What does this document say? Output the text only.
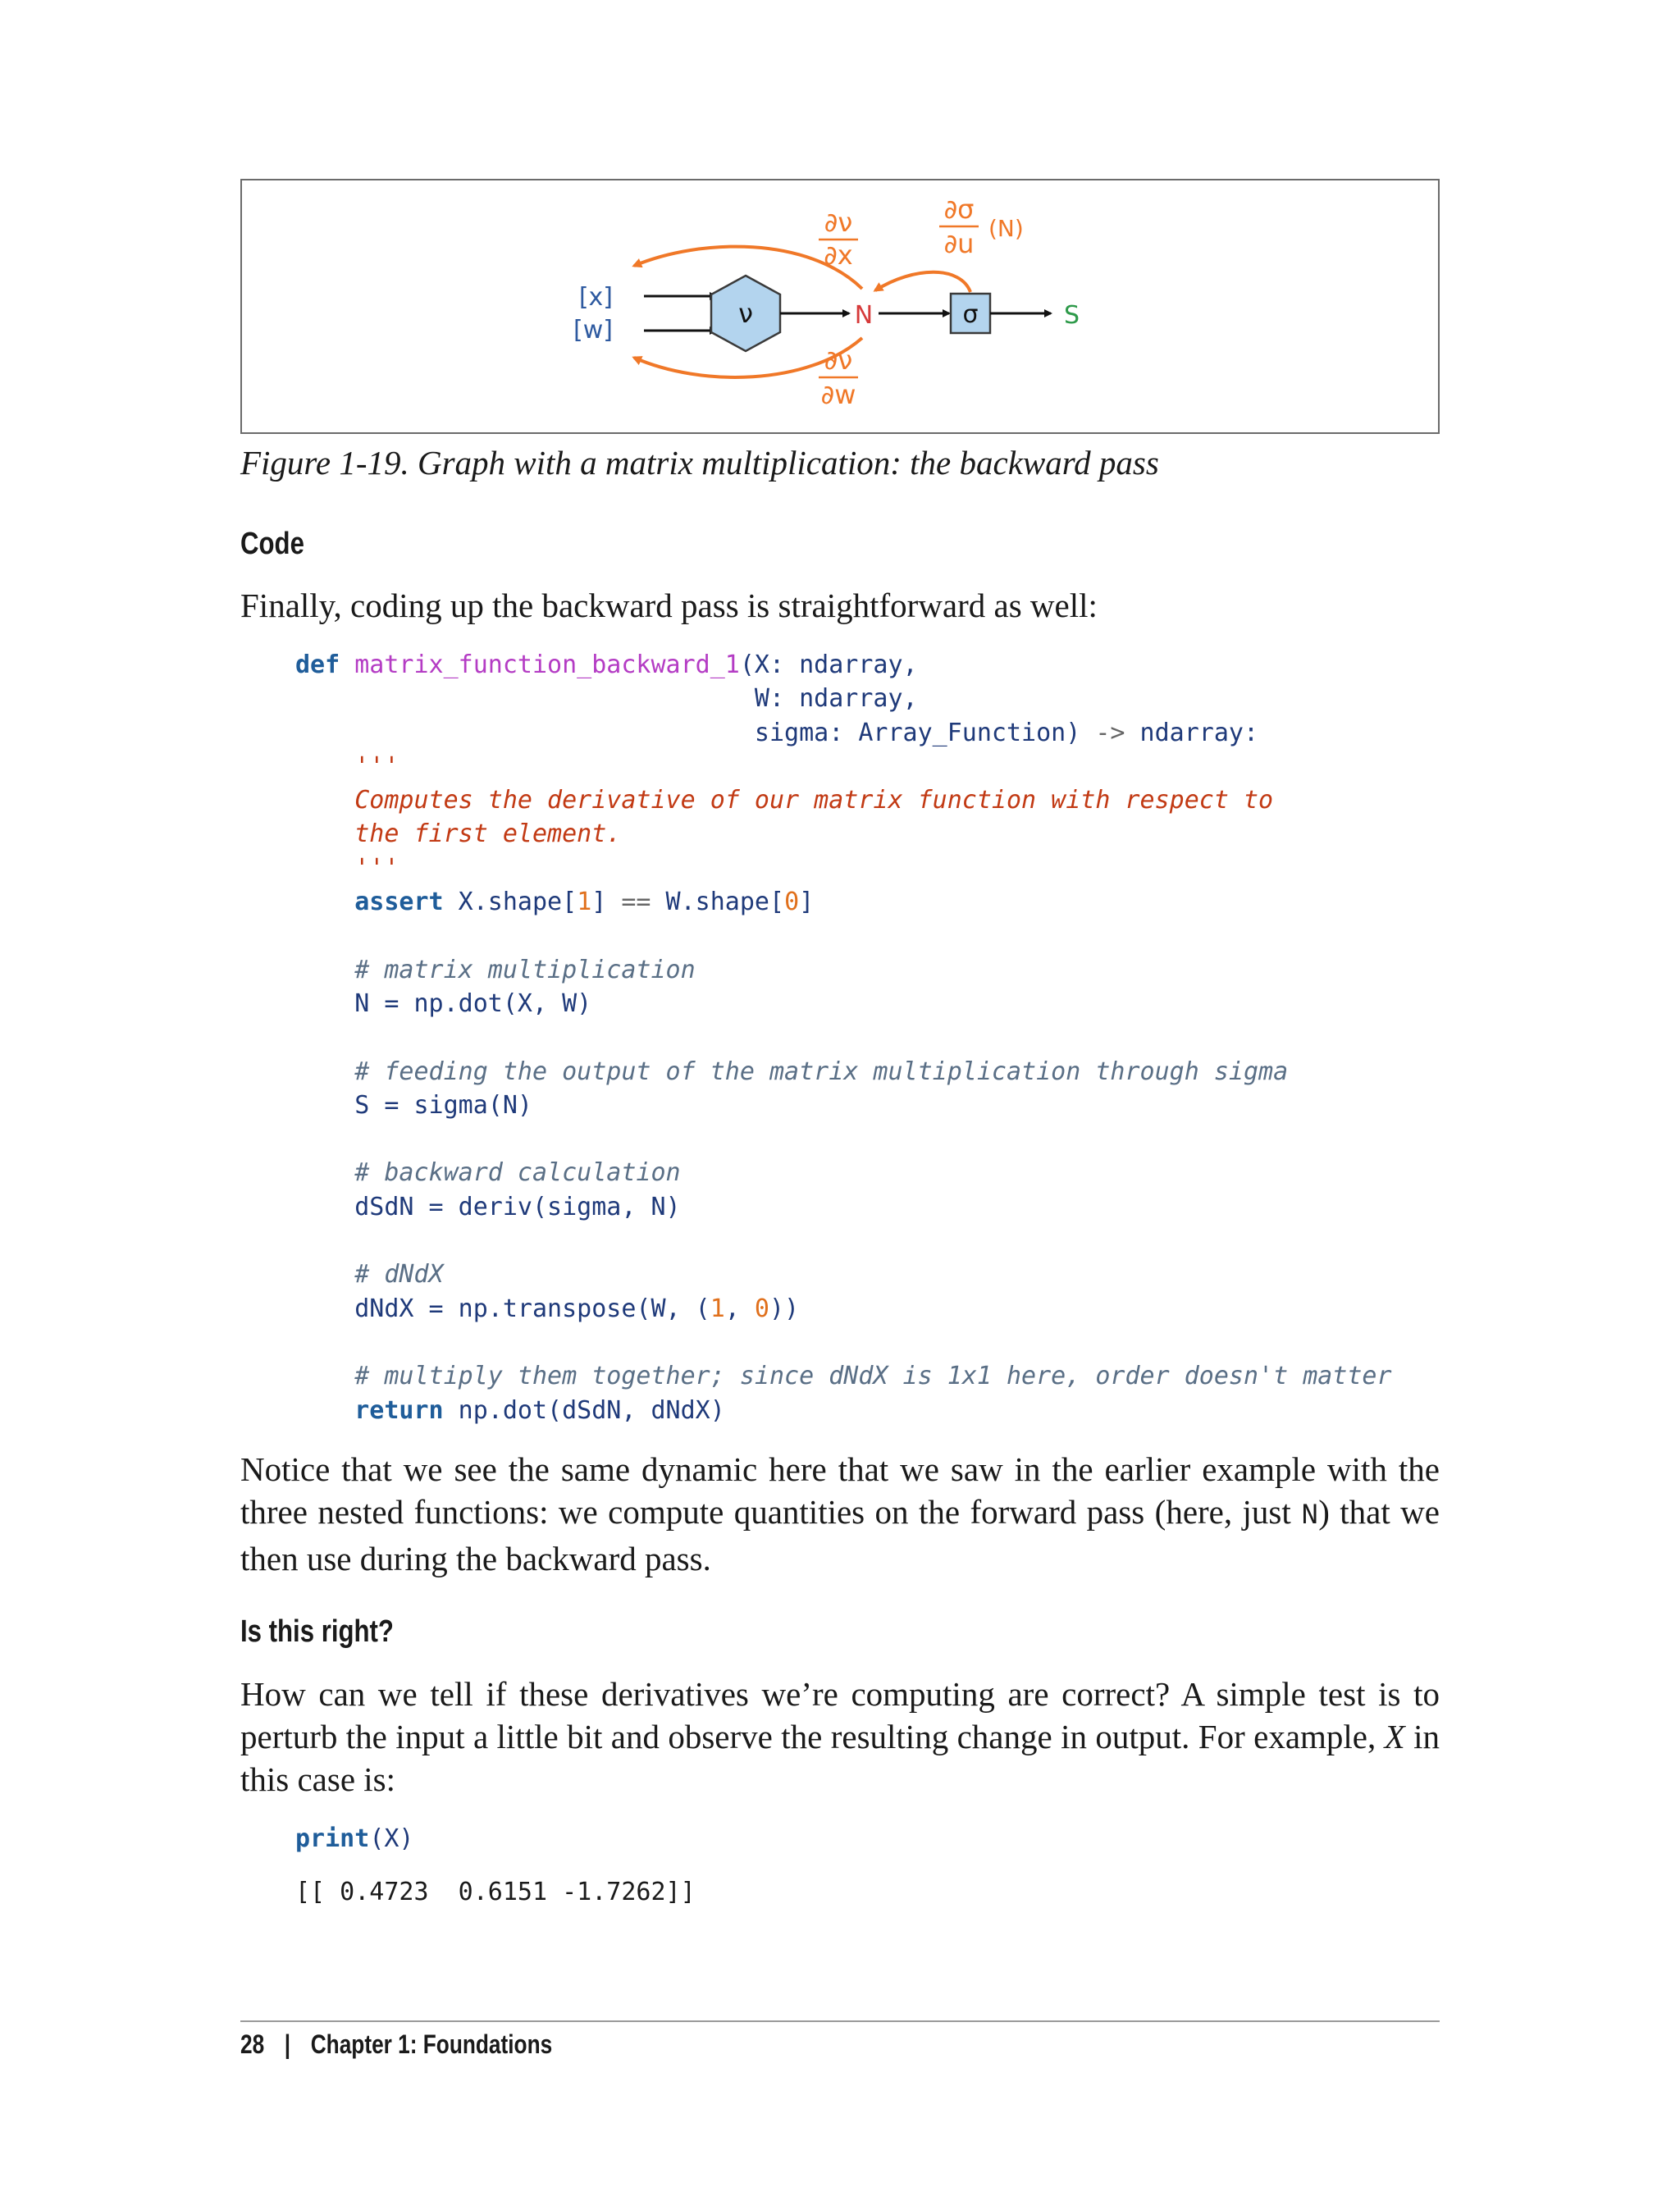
[x]
[w]
ν	N	σ	S
∂ν
∂x
∂ν
∂w
∂σ
∂u (N)
Figure 1-19. Graph with a matrix multiplication: the backward pass
Code
Finally, coding up the backward pass is straightforward as well:
def matrix_function_backward_1(X: ndarray,
W: ndarray,
sigma: Array_Function) -> ndarray:
'''
Computes the derivative of our matrix function with respect to
the first element.
'''
assert X.shape[1] == W.shape[0]

# matrix multiplication
N = np.dot(X, W)

# feeding the output of the matrix multiplication through sigma
S = sigma(N)

# backward calculation
dSdN = deriv(sigma, N)

# dNdX
dNdX = np.transpose(W, (1, 0))

# multiply them together; since dNdX is 1x1 here, order doesn't matter
return np.dot(dSdN, dNdX)
Notice that we see the same dynamic here that we saw in the earlier example with the three nested functions: we compute quantities on the forward pass (here, just N) that we then use during the backward pass.
Is this right?
How can we tell if these derivatives we’re computing are correct? A simple test is to perturb the input a little bit and observe the resulting change in output. For example, X in this case is:
print(X)
[[ 0.4723  0.6151 -1.7262]]
28 | Chapter 1: Foundations
